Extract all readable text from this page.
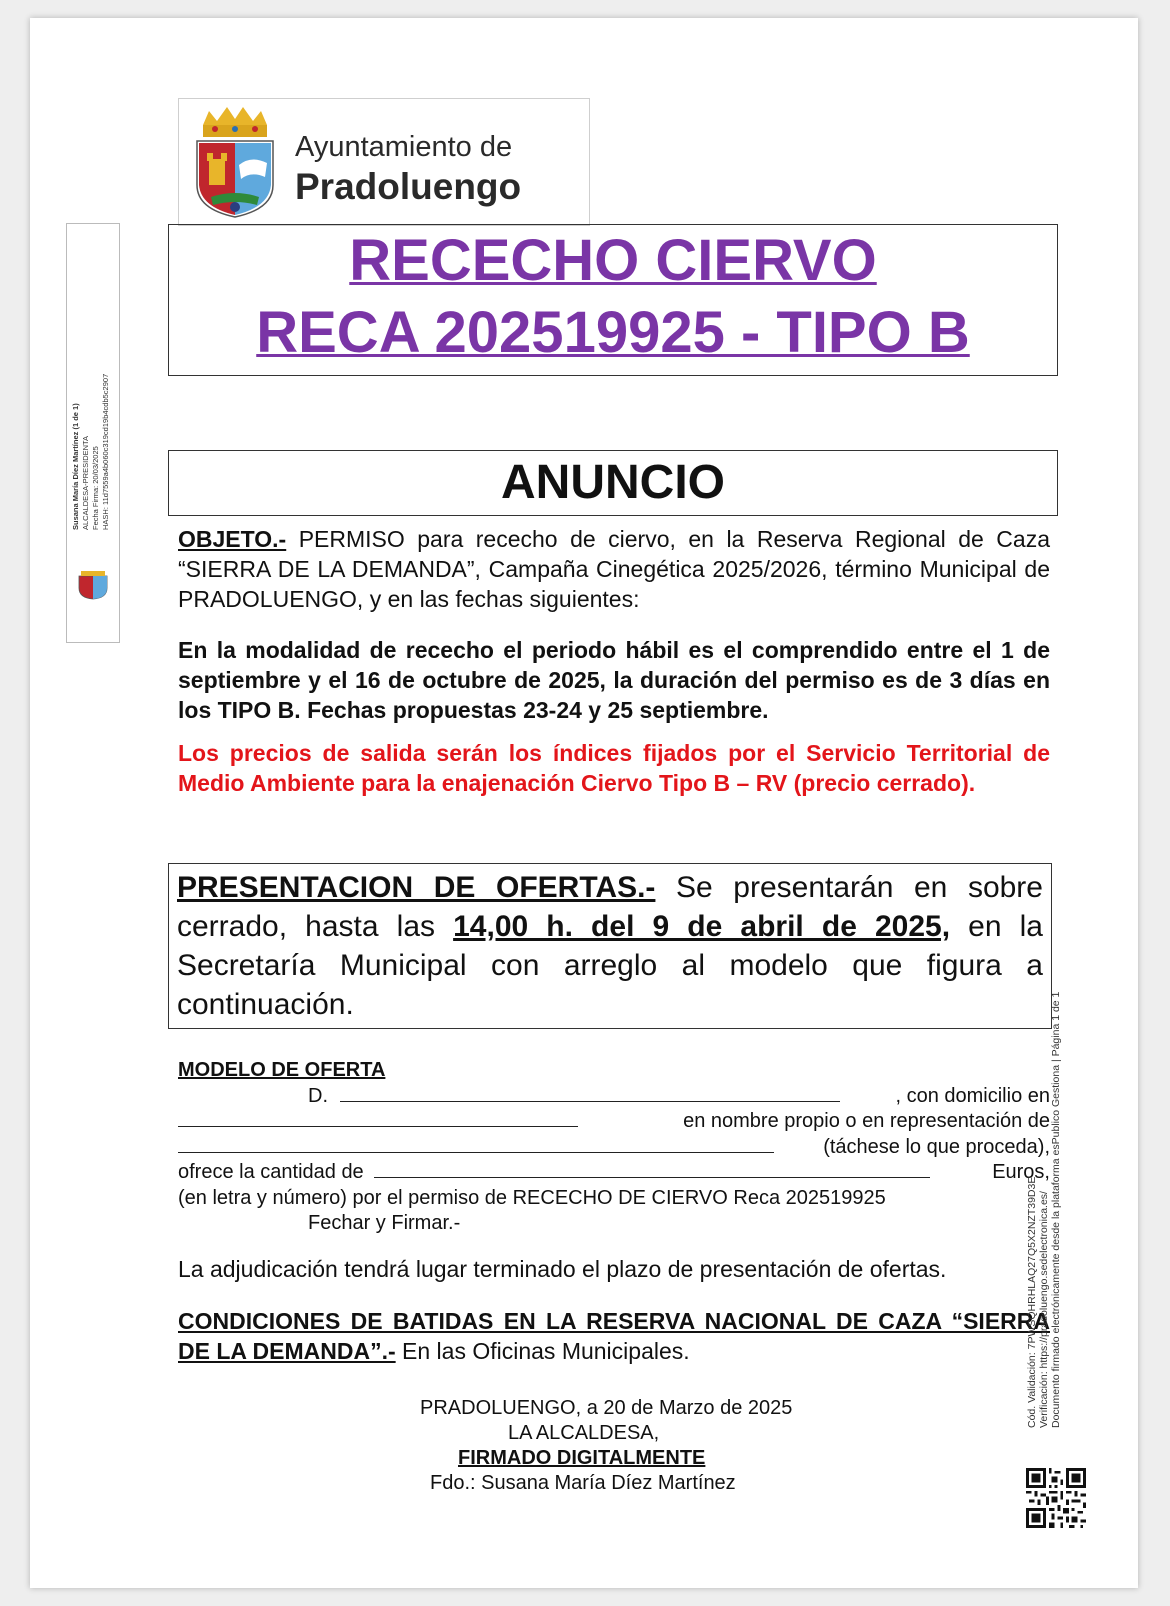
Ayuntamiento de
Pradoluengo
RECECHO CIERVO
RECA 202519925 - TIPO B
ANUNCIO
OBJETO.- PERMISO para rececho de ciervo, en la Reserva Regional de Caza “SIERRA DE LA DEMANDA”, Campaña Cinegética 2025/2026, término Municipal de PRADOLUENGO, y en las fechas siguientes:
En la modalidad de rececho el periodo hábil es el comprendido entre el 1 de septiembre y el 16 de octubre de 2025, la duración del permiso es de 3 días en los TIPO B. Fechas propuestas 23-24 y 25 septiembre.
Los precios de salida serán los índices fijados por el Servicio Territorial de Medio Ambiente para la enajenación Ciervo Tipo B – RV (precio cerrado).
PRESENTACION DE OFERTAS.- Se presentarán en sobre cerrado, hasta las 14,00 h. del 9 de abril de 2025, en la Secretaría Municipal con arreglo al modelo que figura a continuación.
MODELO DE OFERTA
D.	, con domicilio en
en nombre propio o en representación de
(táchese lo que proceda),
ofrece la cantidad de	Euros,
(en letra y número) por el permiso de RECECHO DE CIERVO Reca 202519925
Fechar y Firmar.-
La adjudicación tendrá lugar terminado el plazo de presentación de ofertas.
CONDICIONES DE BATIDAS EN LA RESERVA NACIONAL DE CAZA “SIERRA DE LA DEMANDA”.- En las Oficinas Municipales.
PRADOLUENGO, a 20 de Marzo de 2025
LA ALCALDESA,
FIRMADO DIGITALMENTE
Fdo.: Susana María Díez Martínez
Susana María Díez Martínez (1 de 1) ALCALDESA-PRESIDENTA Fecha Firma: 20/03/2025 HASH: 11d7559a4b060c319cd19b4cdb5c2907
Cód. Validación: 7PWSQHRHLAQ27Q5X2NZT39D3E Verificación: https://pradoluengo.sedelectronica.es/ Documento firmado electrónicamente desde la plataforma esPublico Gestiona | Página 1 de 1
